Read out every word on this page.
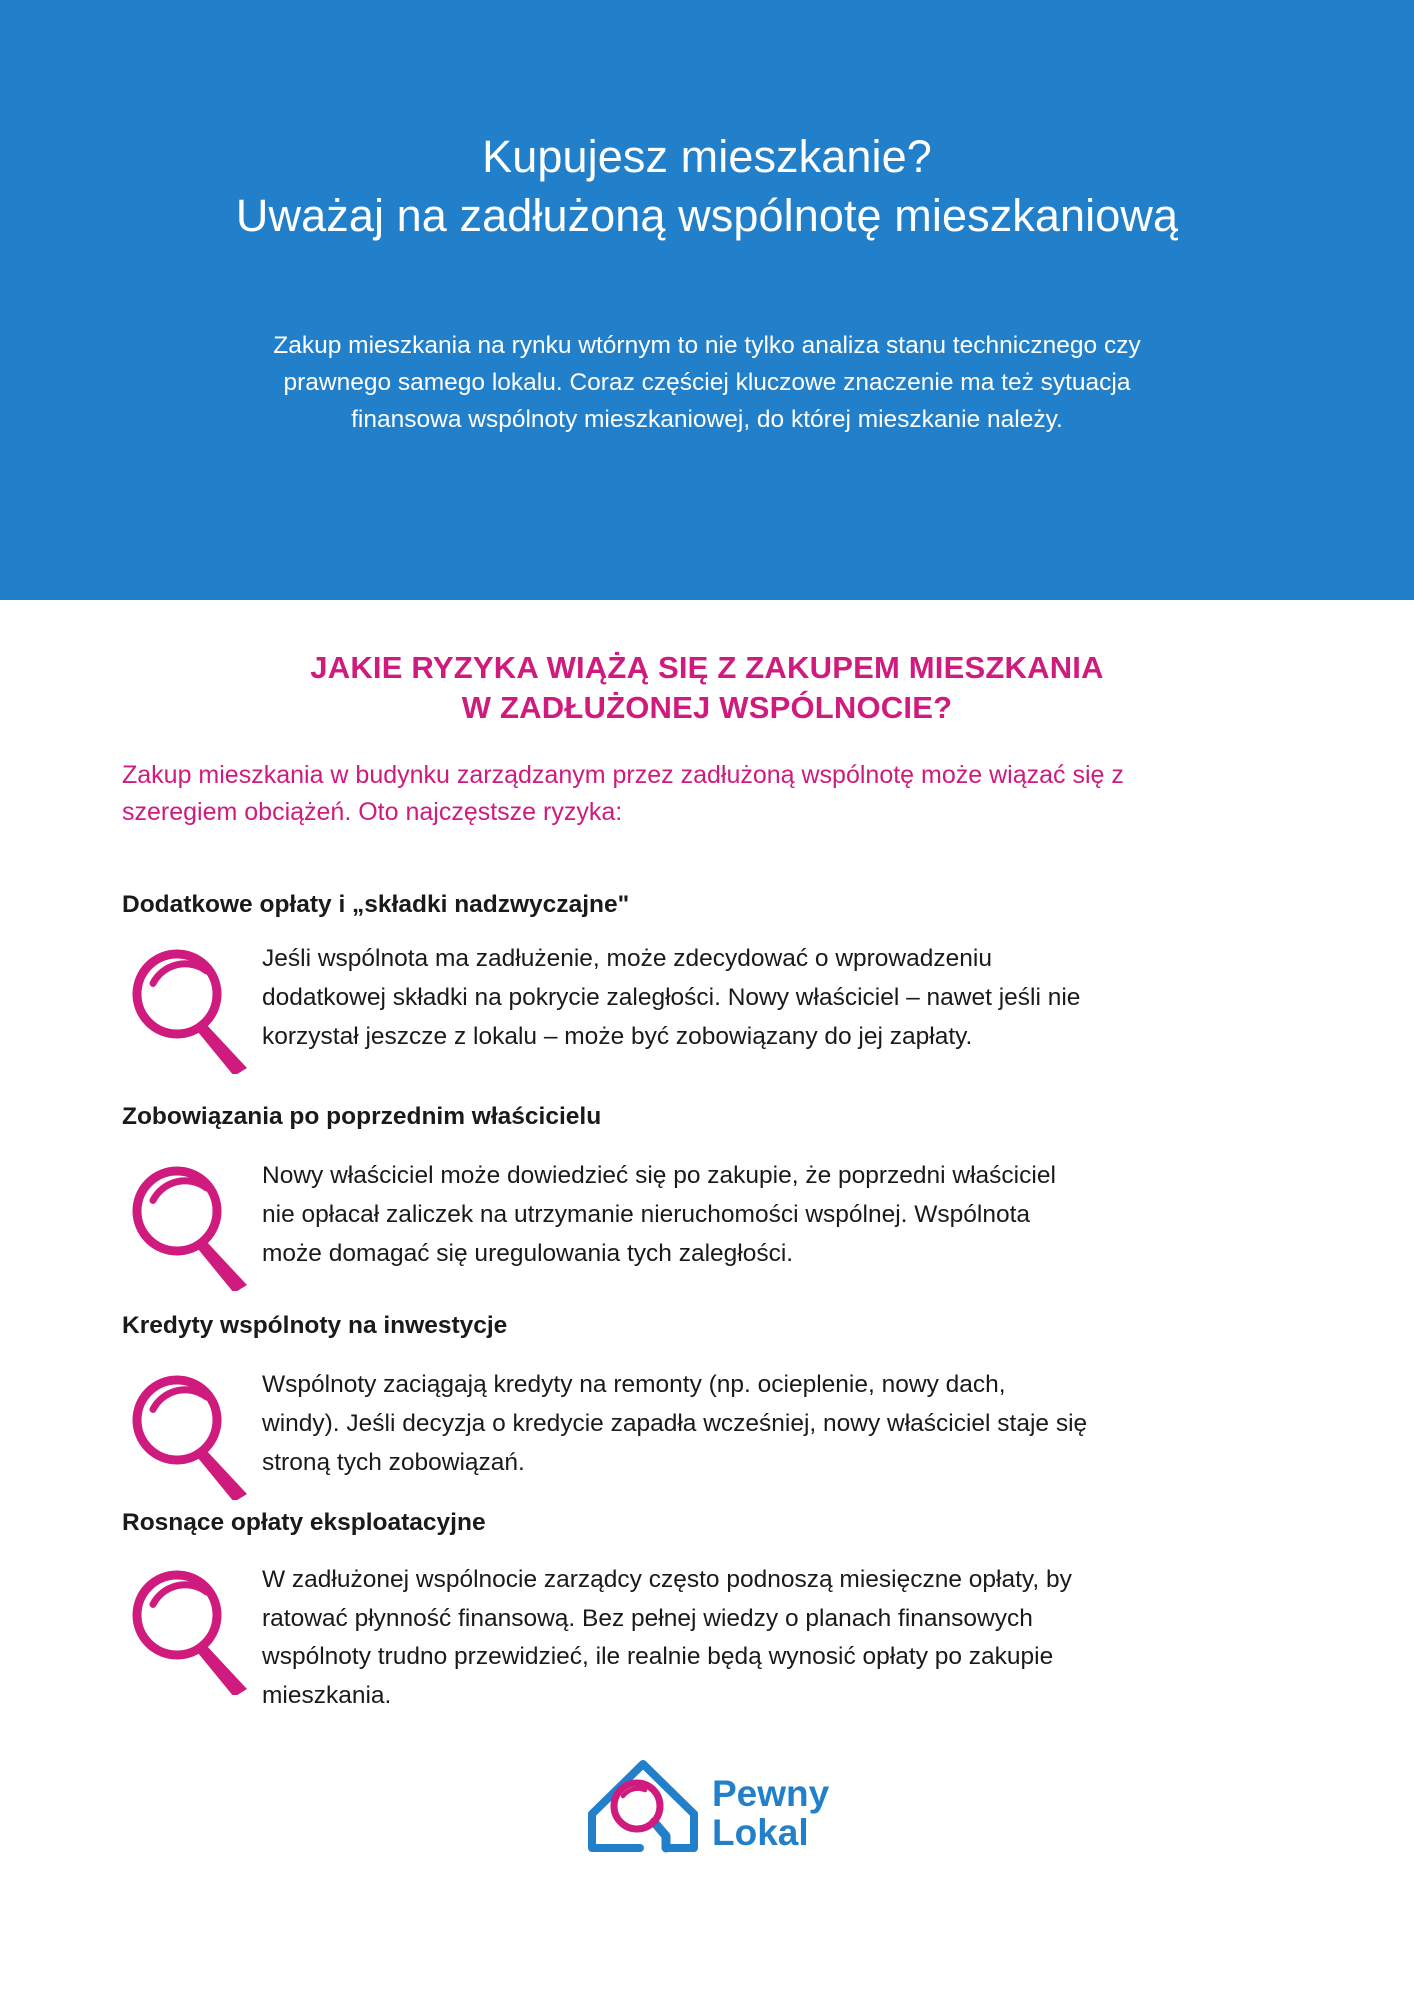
Kupujesz mieszkanie?
Uważaj na zadłużoną wspólnotę mieszkaniową

Zakup mieszkania na rynku wtórnym to nie tylko analiza stanu technicznego czy
prawnego samego lokalu. Coraz częściej kluczowe znaczenie ma też sytuacja
finansowa wspólnoty mieszkaniowej, do której mieszkanie należy.

JAKIE RYZYKA WIĄŻĄ SIĘ Z ZAKUPEM MIESZKANIA
W ZADŁUŻONEJ WSPÓLNOCIE?

Zakup mieszkania w budynku zarządzanym przez zadłużoną wspólnotę może wiązać się z
szeregiem obciążeń. Oto najczęstsze ryzyka:

Dodatkowe opłaty i „składki nadzwyczajne"
Jeśli wspólnota ma zadłużenie, może zdecydować o wprowadzeniu
dodatkowej składki na pokrycie zaległości. Nowy właściciel – nawet jeśli nie
korzystał jeszcze z lokalu – może być zobowiązany do jej zapłaty.
Zobowiązania po poprzednim właścicielu
Nowy właściciel może dowiedzieć się po zakupie, że poprzedni właściciel
nie opłacał zaliczek na utrzymanie nieruchomości wspólnej. Wspólnota
może domagać się uregulowania tych zaległości.
Kredyty wspólnoty na inwestycje
Wspólnoty zaciągają kredyty na remonty (np. ocieplenie, nowy dach,
windy). Jeśli decyzja o kredycie zapadła wcześniej, nowy właściciel staje się
stroną tych zobowiązań.
Rosnące opłaty eksploatacyjne
W zadłużonej wspólnocie zarządcy często podnoszą miesięczne opłaty, by
ratować płynność finansową. Bez pełnej wiedzy o planach finansowych
wspólnoty trudno przewidzieć, ile realnie będą wynosić opłaty po zakupie
mieszkania.
Pewny
Lokal
